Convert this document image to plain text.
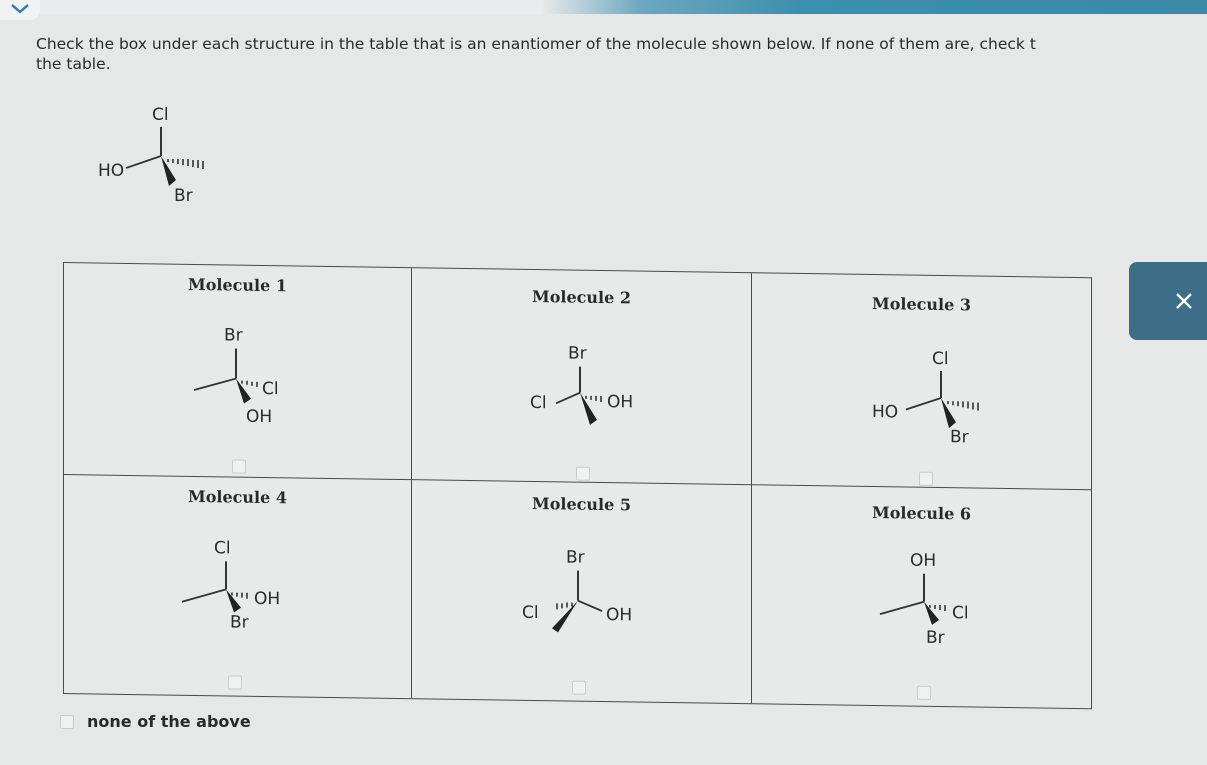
Check the box under each structure in the table that is an enantiomer of the molecule shown below. If none of them are, check t
the table.
Cl
HO
Br
Molecule 1
Br
Cl
OH
Molecule 2
Br
Cl	OH
Molecule 3
Cl
HO
Br
Molecule 4
Cl
OH
Br
Molecule 5
Br
OH
Cl
Molecule 6
OH
Cl
Br
none of the above
